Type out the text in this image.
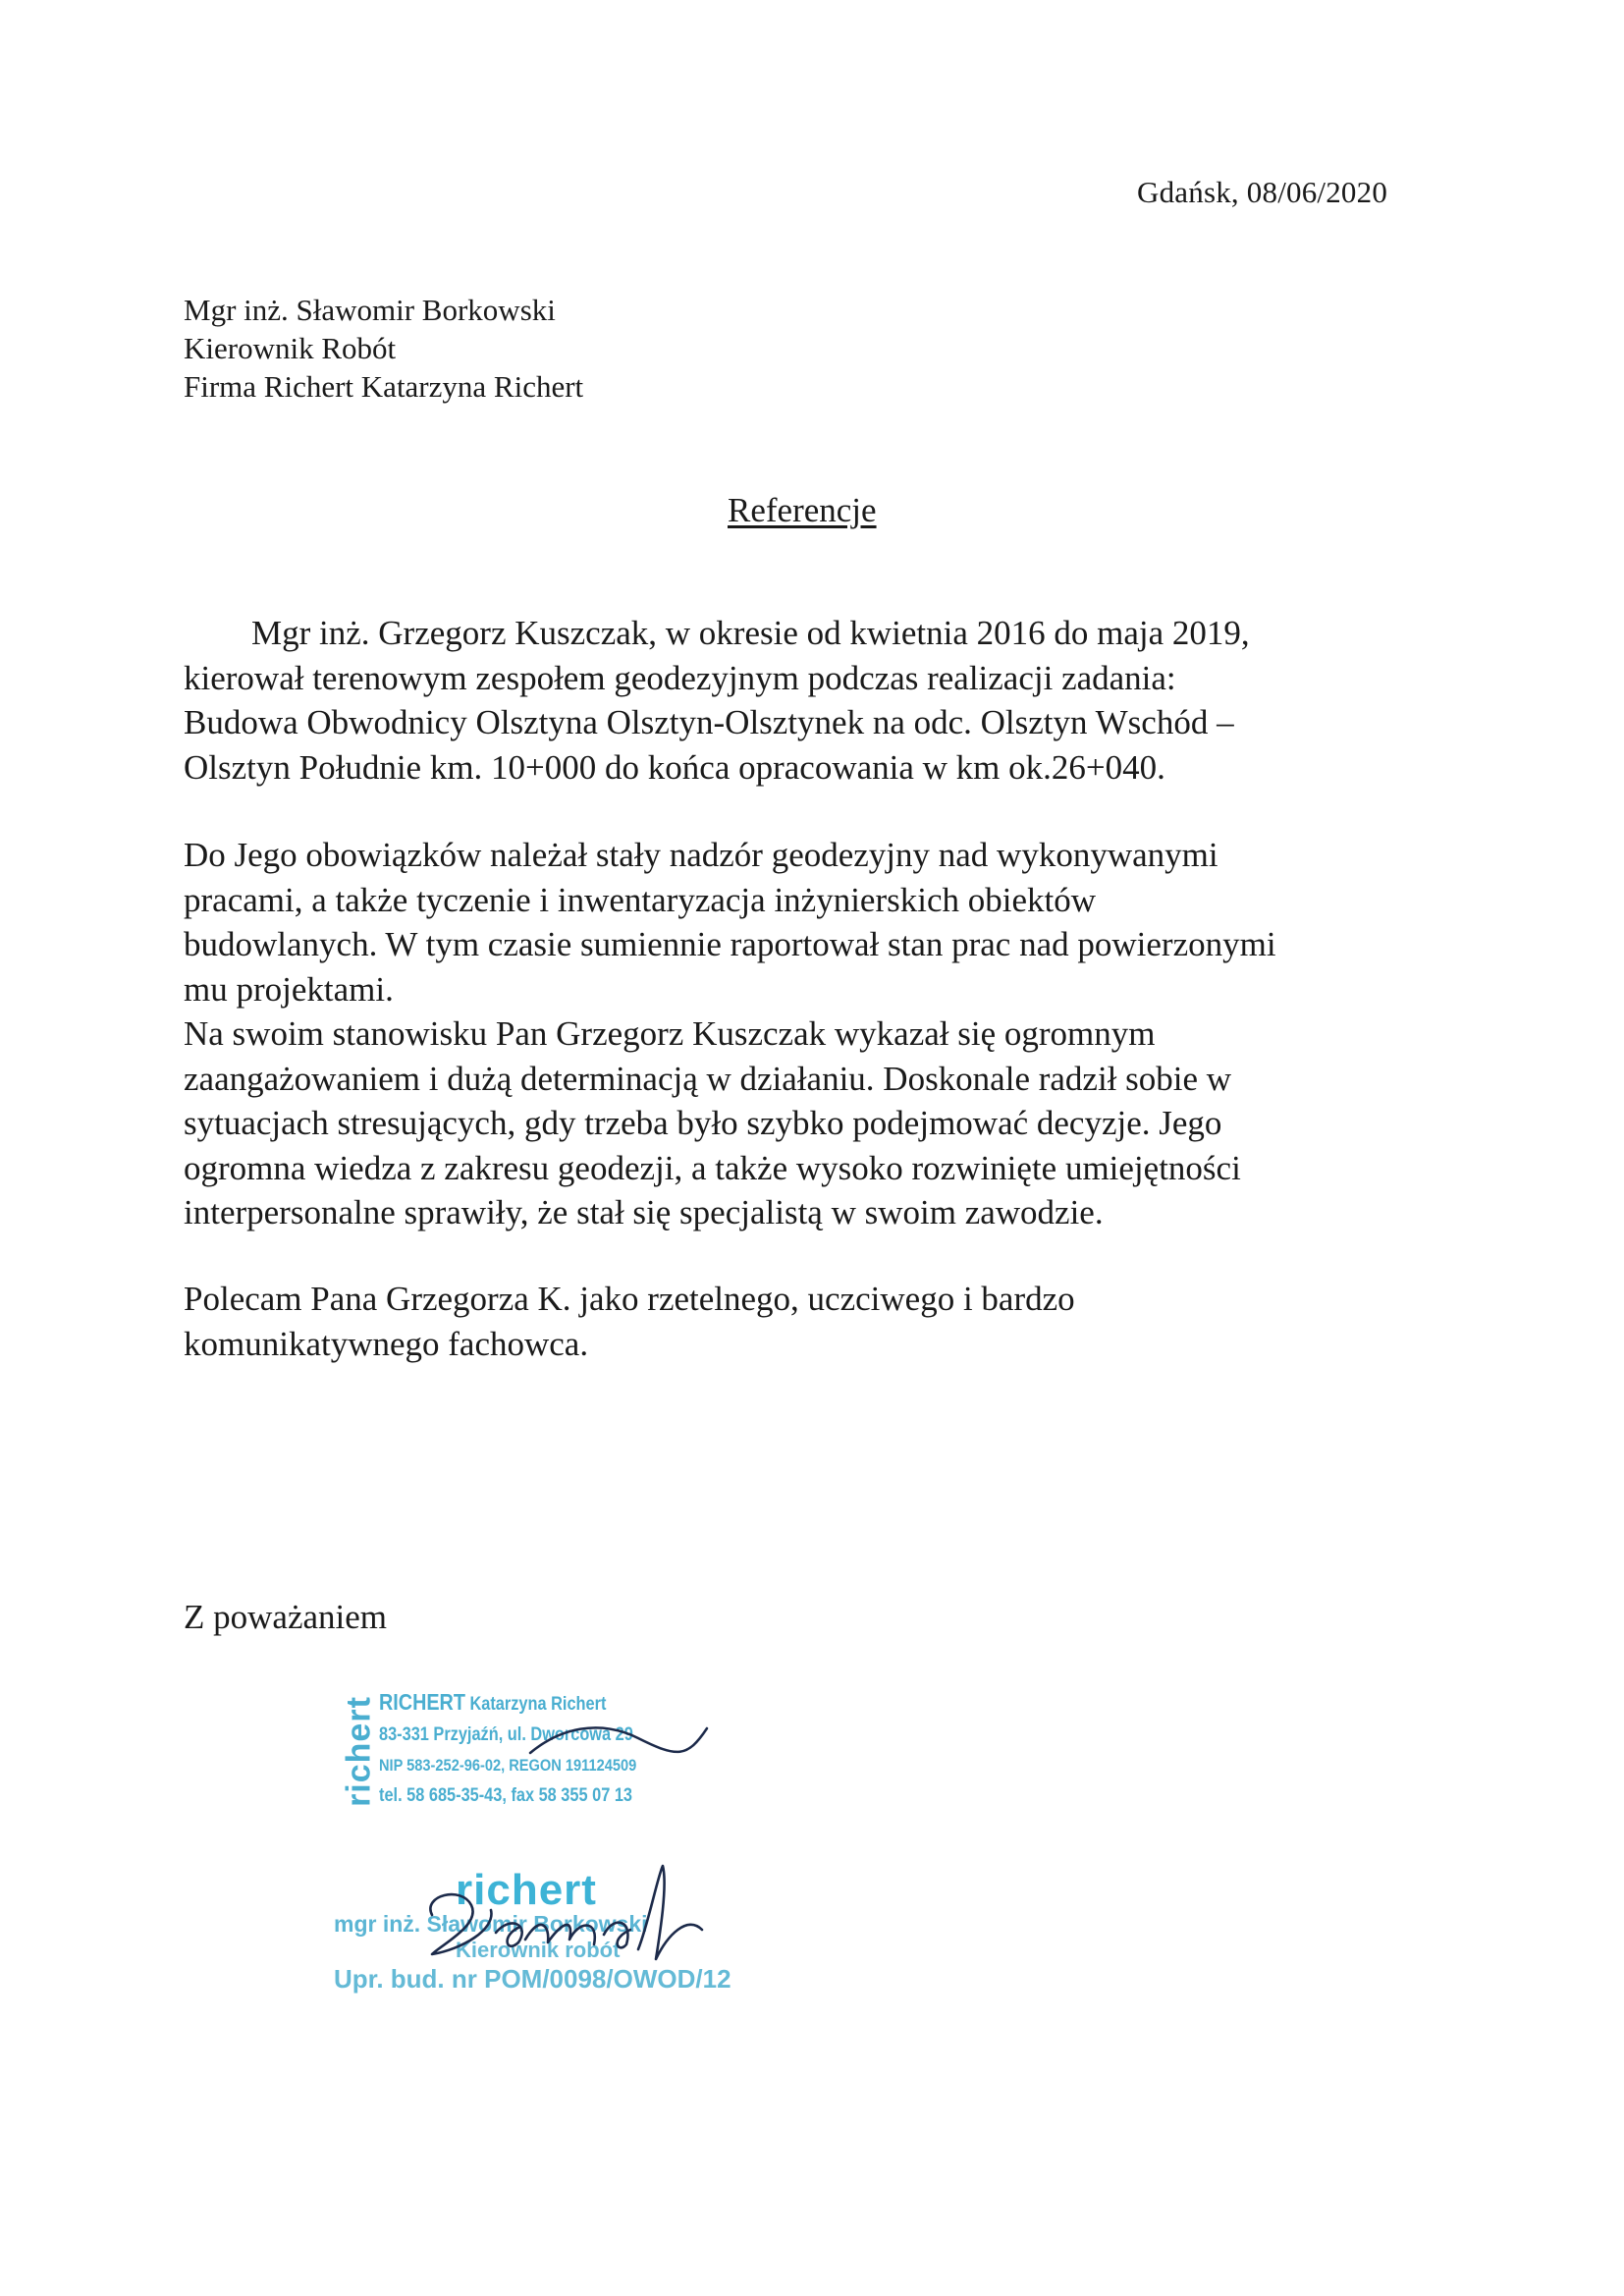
Gdańsk, 08/06/2020
Mgr inż. Sławomir Borkowski
Kierownik Robót
Firma Richert Katarzyna Richert
Referencje
Mgr inż. Grzegorz Kuszczak, w okresie od kwietnia 2016 do maja 2019,
kierował terenowym zespołem geodezyjnym podczas realizacji zadania:
Budowa Obwodnicy Olsztyna Olsztyn-Olsztynek na odc. Olsztyn Wschód –
Olsztyn Południe km. 10+000 do końca opracowania w km ok.26+040.
Do Jego obowiązków należał stały nadzór geodezyjny nad wykonywanymi
pracami, a także tyczenie i inwentaryzacja inżynierskich obiektów
budowlanych. W tym czasie sumiennie raportował stan prac nad powierzonymi
mu projektami.
Na swoim stanowisku Pan Grzegorz Kuszczak wykazał się ogromnym
zaangażowaniem i dużą determinacją w działaniu. Doskonale radził sobie w
sytuacjach stresujących, gdy trzeba było szybko podejmować decyzje. Jego
ogromna wiedza z zakresu geodezji, a także wysoko rozwinięte umiejętności
interpersonalne sprawiły, że stał się specjalistą w swoim zawodzie.
Polecam Pana Grzegorza K. jako rzetelnego, uczciwego i bardzo
komunikatywnego fachowca.
Z poważaniem
richert RICHERT Katarzyna Richert
83-331 Przyjaźń, ul. Dworcowa 29
NIP 583-252-96-02, REGON 191124509
tel. 58 685-35-43, fax 58 355 07 13
richert
mgr inż. Sławomir Borkowski
Kierownik robót
Upr. bud. nr POM/0098/OWOD/12
